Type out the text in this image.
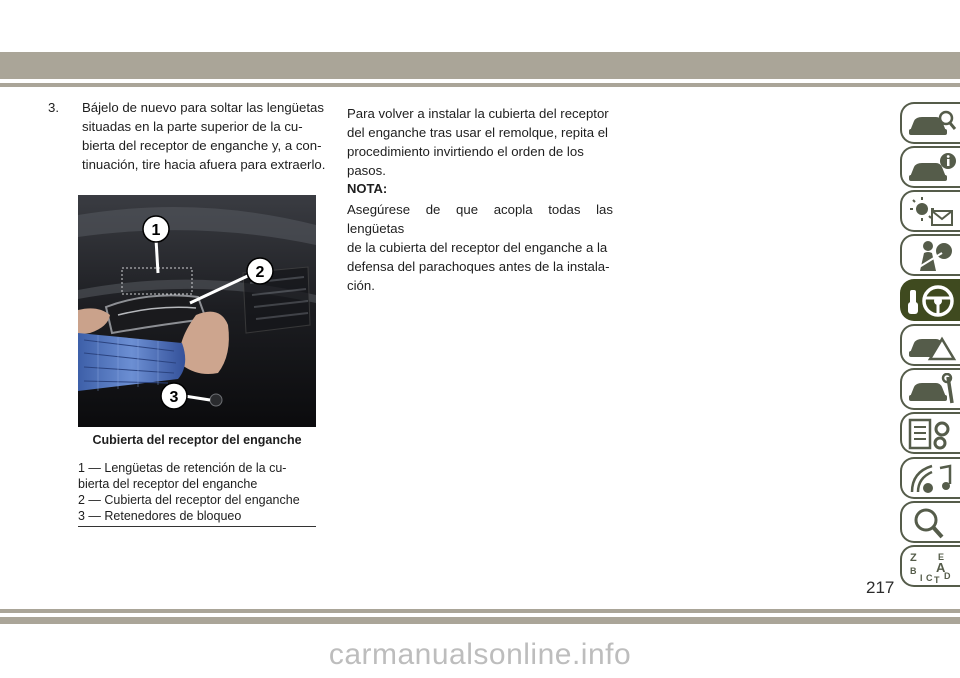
3. Bájelo de nuevo para soltar las lengüetas

situadas en la parte superior de la cu-

bierta del receptor de enganche y, a con-

tinuación, tire hacia afuera para extraerlo.

1
2
3
Cubierta del receptor del enganche
1 — Lengüetas de retención de la cu-
bierta del receptor del enganche
2 — Cubierta del receptor del enganche
3 — Retenedores de bloqueo

Para volver a instalar la cubierta del receptor

del enganche tras usar el remolque, repita el

procedimiento invirtiendo el orden de los

pasos.

NOTA:

Asegúrese de que acopla todas las lengüetas

de la cubierta del receptor del enganche a la

defensa del parachoques antes de la instala-

ción.

Z E
B A
I C T D
217
carmanualsonline.info
